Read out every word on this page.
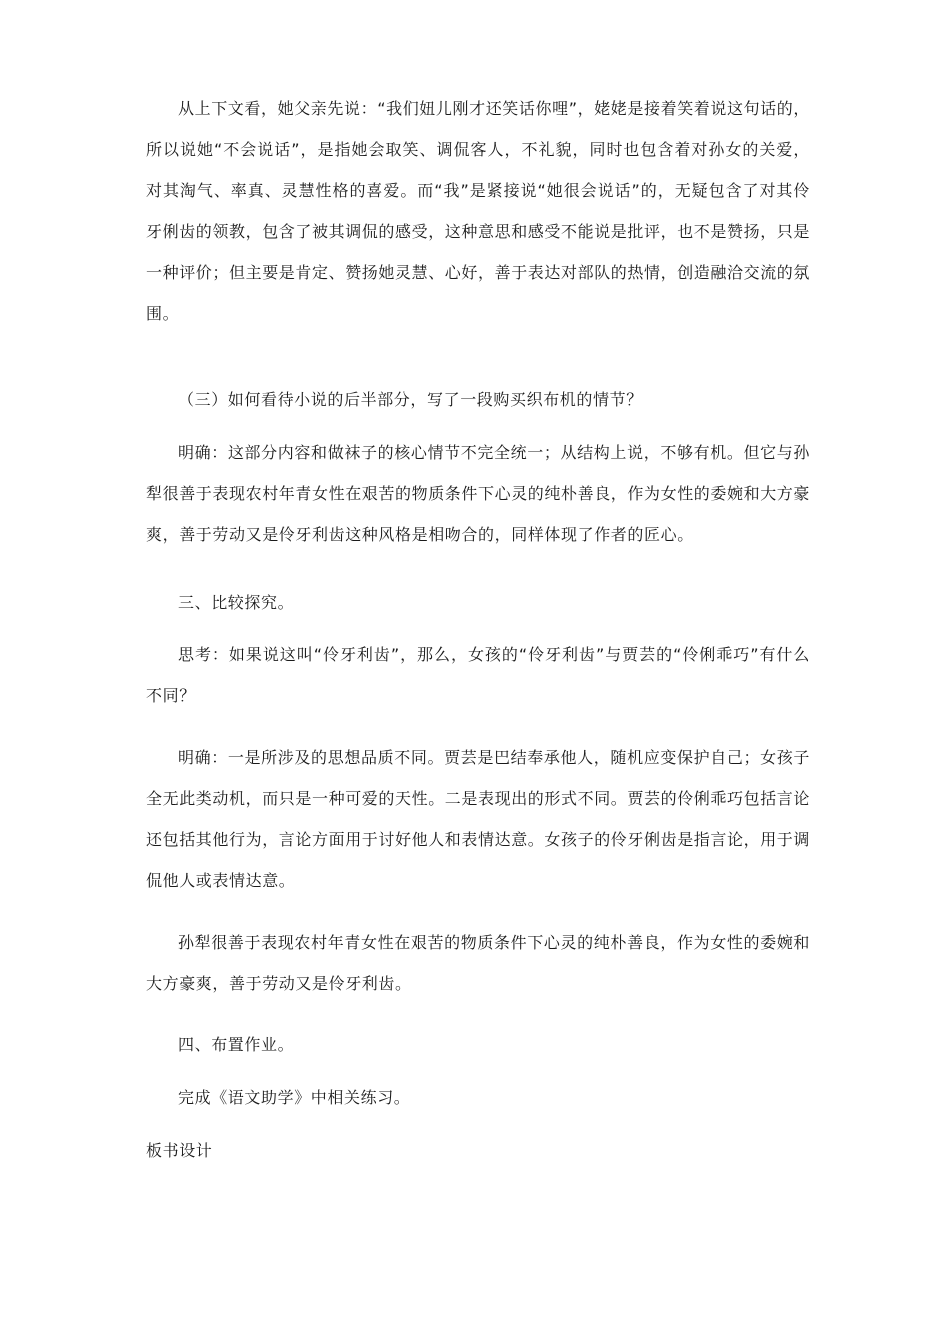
从上下文看，她父亲先说：“我们妞儿刚才还笑话你哩”，姥姥是接着笑着说这句话的，所以说她“不会说话”，是指她会取笑、调侃客人，不礼貌，同时也包含着对孙女的关爱，对其淘气、率真、灵慧性格的喜爱。而“我”是紧接说“她很会说话”的，无疑包含了对其伶牙俐齿的领教，包含了被其调侃的感受，这种意思和感受不能说是批评，也不是赞扬，只是一种评价；但主要是肯定、赞扬她灵慧、心好，善于表达对部队的热情，创造融洽交流的氛围。

（三）如何看待小说的后半部分，写了一段购买织布机的情节？

明确：这部分内容和做袜子的核心情节不完全统一；从结构上说，不够有机。但它与孙犁很善于表现农村年青女性在艰苦的物质条件下心灵的纯朴善良，作为女性的委婉和大方豪爽，善于劳动又是伶牙利齿这种风格是相吻合的，同样体现了作者的匠心。

三、比较探究。

思考：如果说这叫“伶牙利齿”，那么，女孩的“伶牙利齿”与贾芸的“伶俐乖巧”有什么不同？

明确：一是所涉及的思想品质不同。贾芸是巴结奉承他人，随机应变保护自己；女孩子全无此类动机，而只是一种可爱的天性。二是表现出的形式不同。贾芸的伶俐乖巧包括言论还包括其他行为，言论方面用于讨好他人和表情达意。女孩子的伶牙俐齿是指言论，用于调侃他人或表情达意。

孙犁很善于表现农村年青女性在艰苦的物质条件下心灵的纯朴善良，作为女性的委婉和大方豪爽，善于劳动又是伶牙利齿。

四、布置作业。

完成《语文助学》中相关练习。

板书设计
